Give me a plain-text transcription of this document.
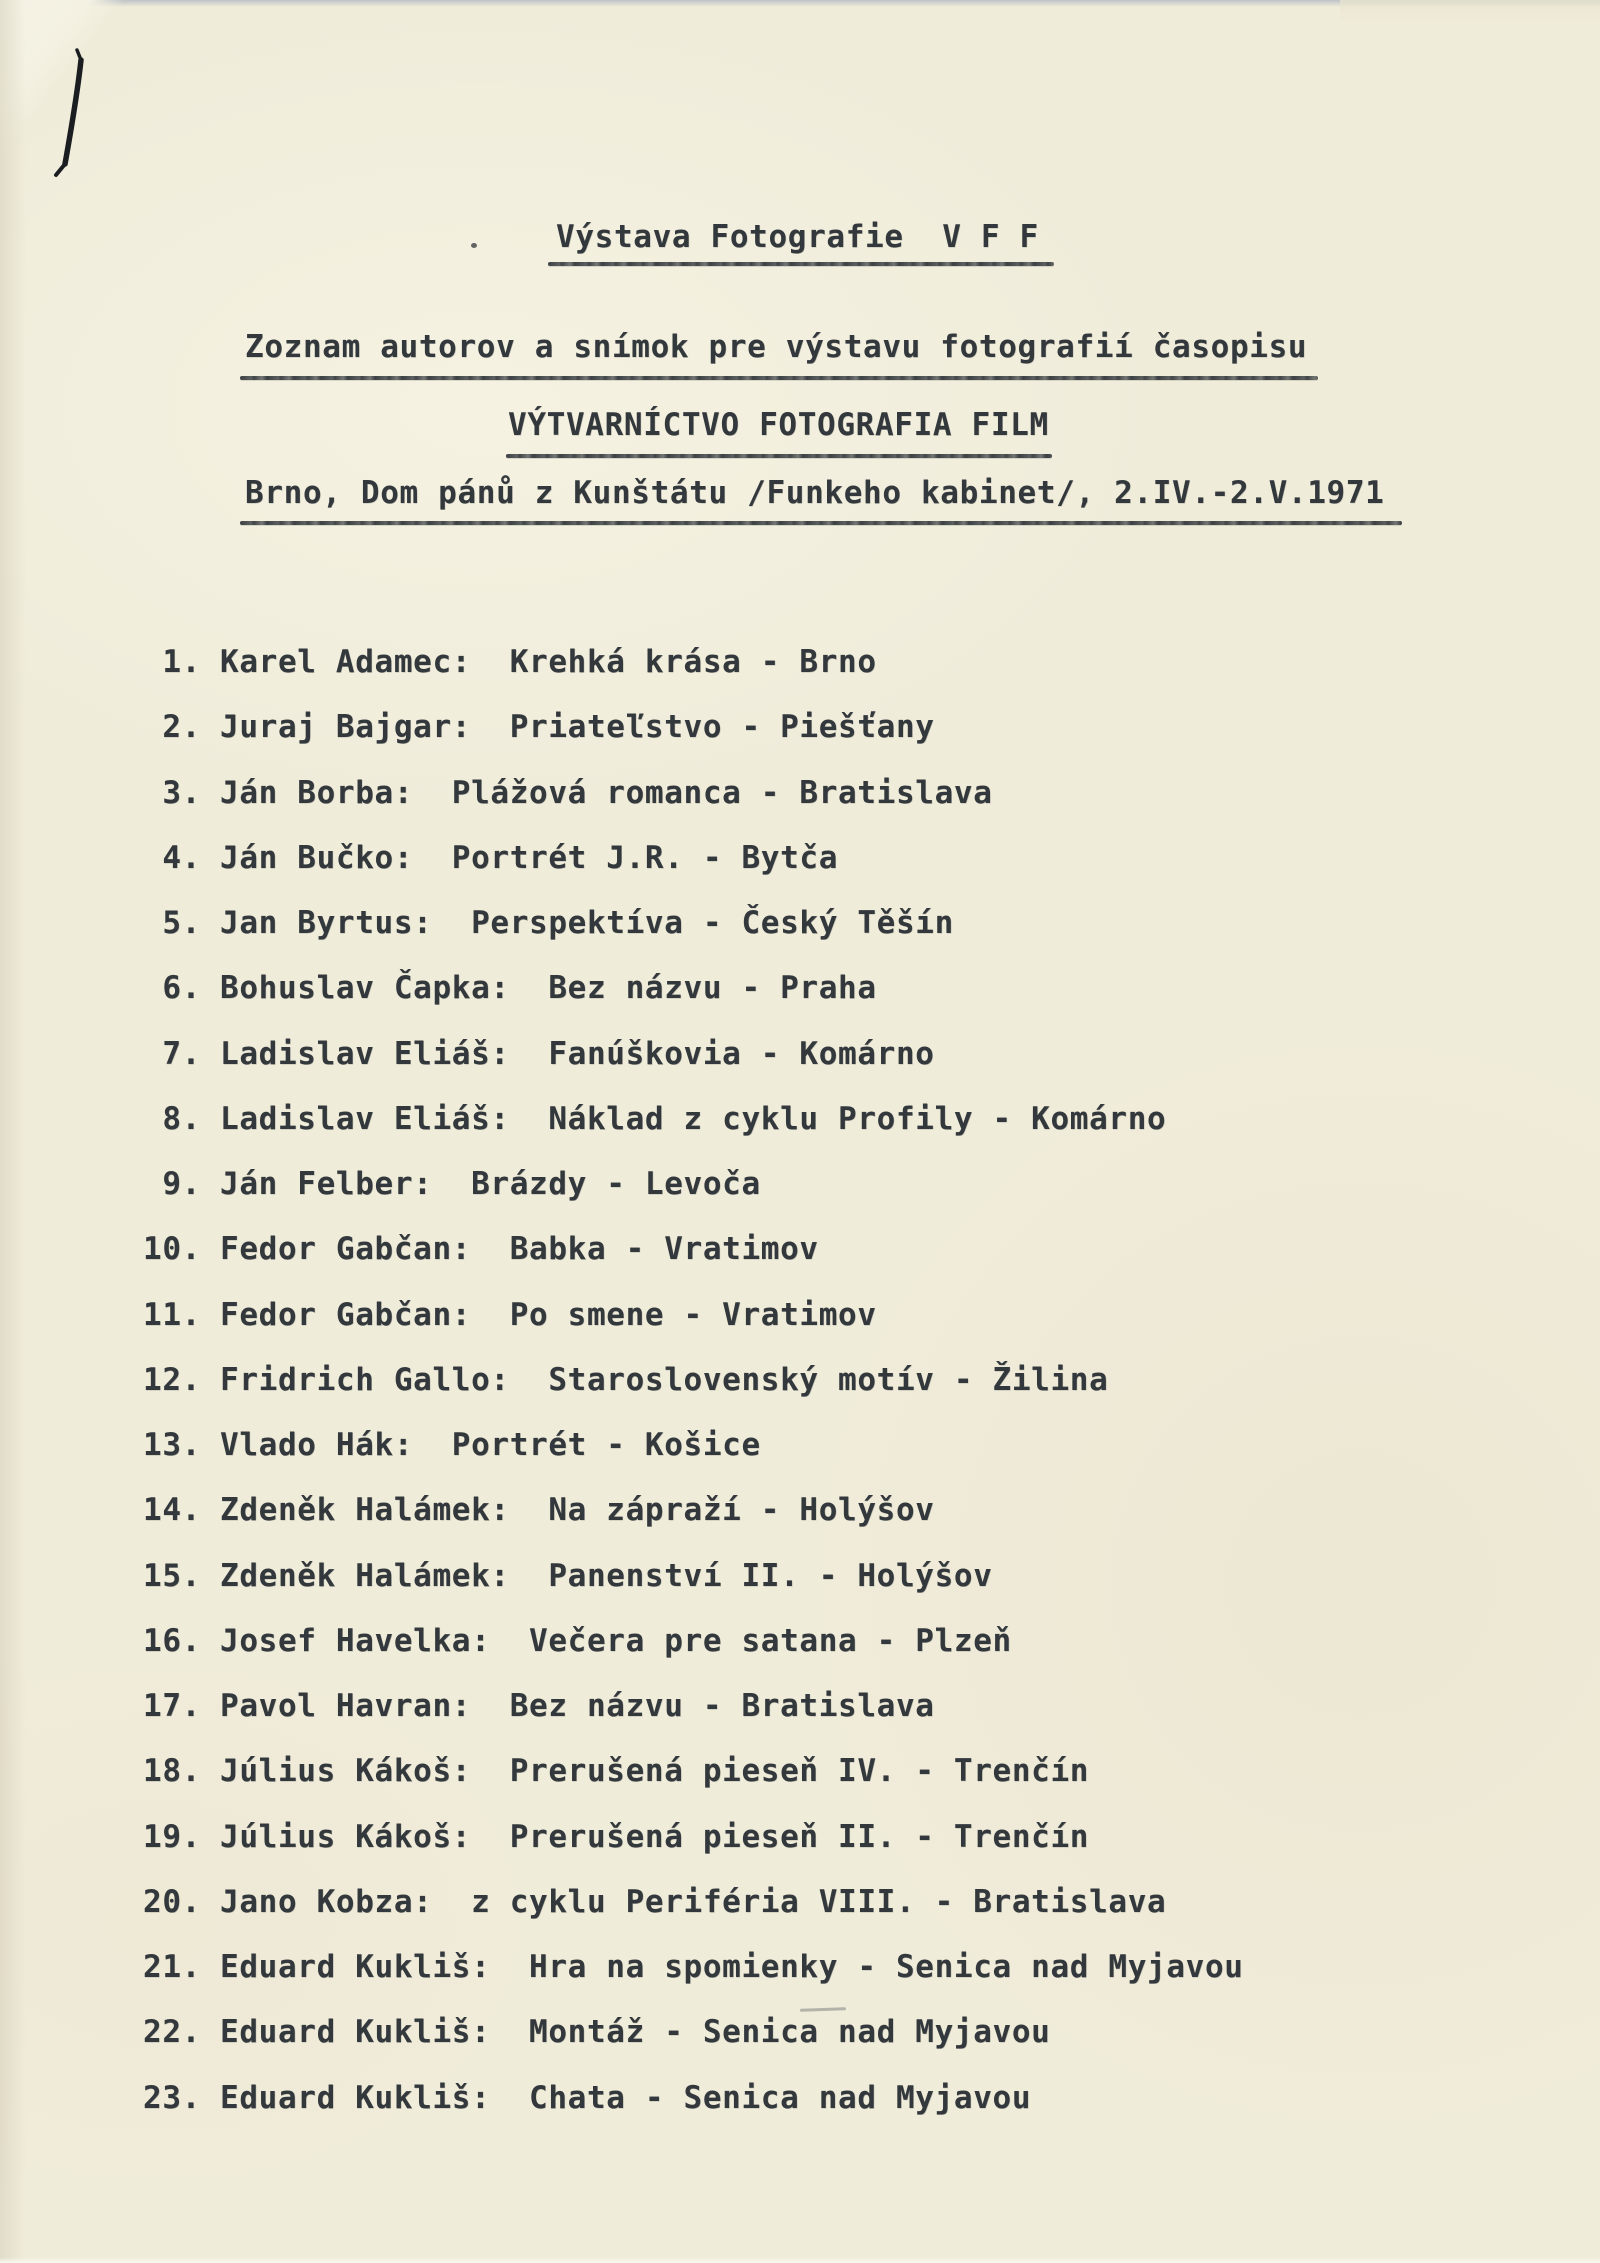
Výstava Fotografie  V F F
Zoznam autorov a snímok pre výstavu fotografií časopisu
VÝTVARNÍCTVO FOTOGRAFIA FILM
Brno, Dom pánů z Kunštátu /Funkeho kabinet/, 2.IV.-2.V.1971
1. Karel Adamec:  Krehká krása - Brno
2. Juraj Bajgar:  Priateľstvo - Piešťany
3. Ján Borba:  Plážová romanca - Bratislava
4. Ján Bučko:  Portrét J.R. - Bytča
5. Jan Byrtus:  Perspektíva - Český Těšín
6. Bohuslav Čapka:  Bez názvu - Praha
7. Ladislav Eliáš:  Fanúškovia - Komárno
8. Ladislav Eliáš:  Náklad z cyklu Profily - Komárno
9. Ján Felber:  Brázdy - Levoča
10. Fedor Gabčan:  Babka - Vratimov
11. Fedor Gabčan:  Po smene - Vratimov
12. Fridrich Gallo:  Staroslovenský motív - Žilina
13. Vlado Hák:  Portrét - Košice
14. Zdeněk Halámek:  Na zápraží - Holýšov
15. Zdeněk Halámek:  Panenství II. - Holýšov
16. Josef Havelka:  Večera pre satana - Plzeň
17. Pavol Havran:  Bez názvu - Bratislava
18. Július Kákoš:  Prerušená pieseň IV. - Trenčín
19. Július Kákoš:  Prerušená pieseň II. - Trenčín
20. Jano Kobza:  z cyklu Periféria VIII. - Bratislava
21. Eduard Kukliš:  Hra na spomienky - Senica nad Myjavou
22. Eduard Kukliš:  Montáž - Senica nad Myjavou
23. Eduard Kukliš:  Chata - Senica nad Myjavou
